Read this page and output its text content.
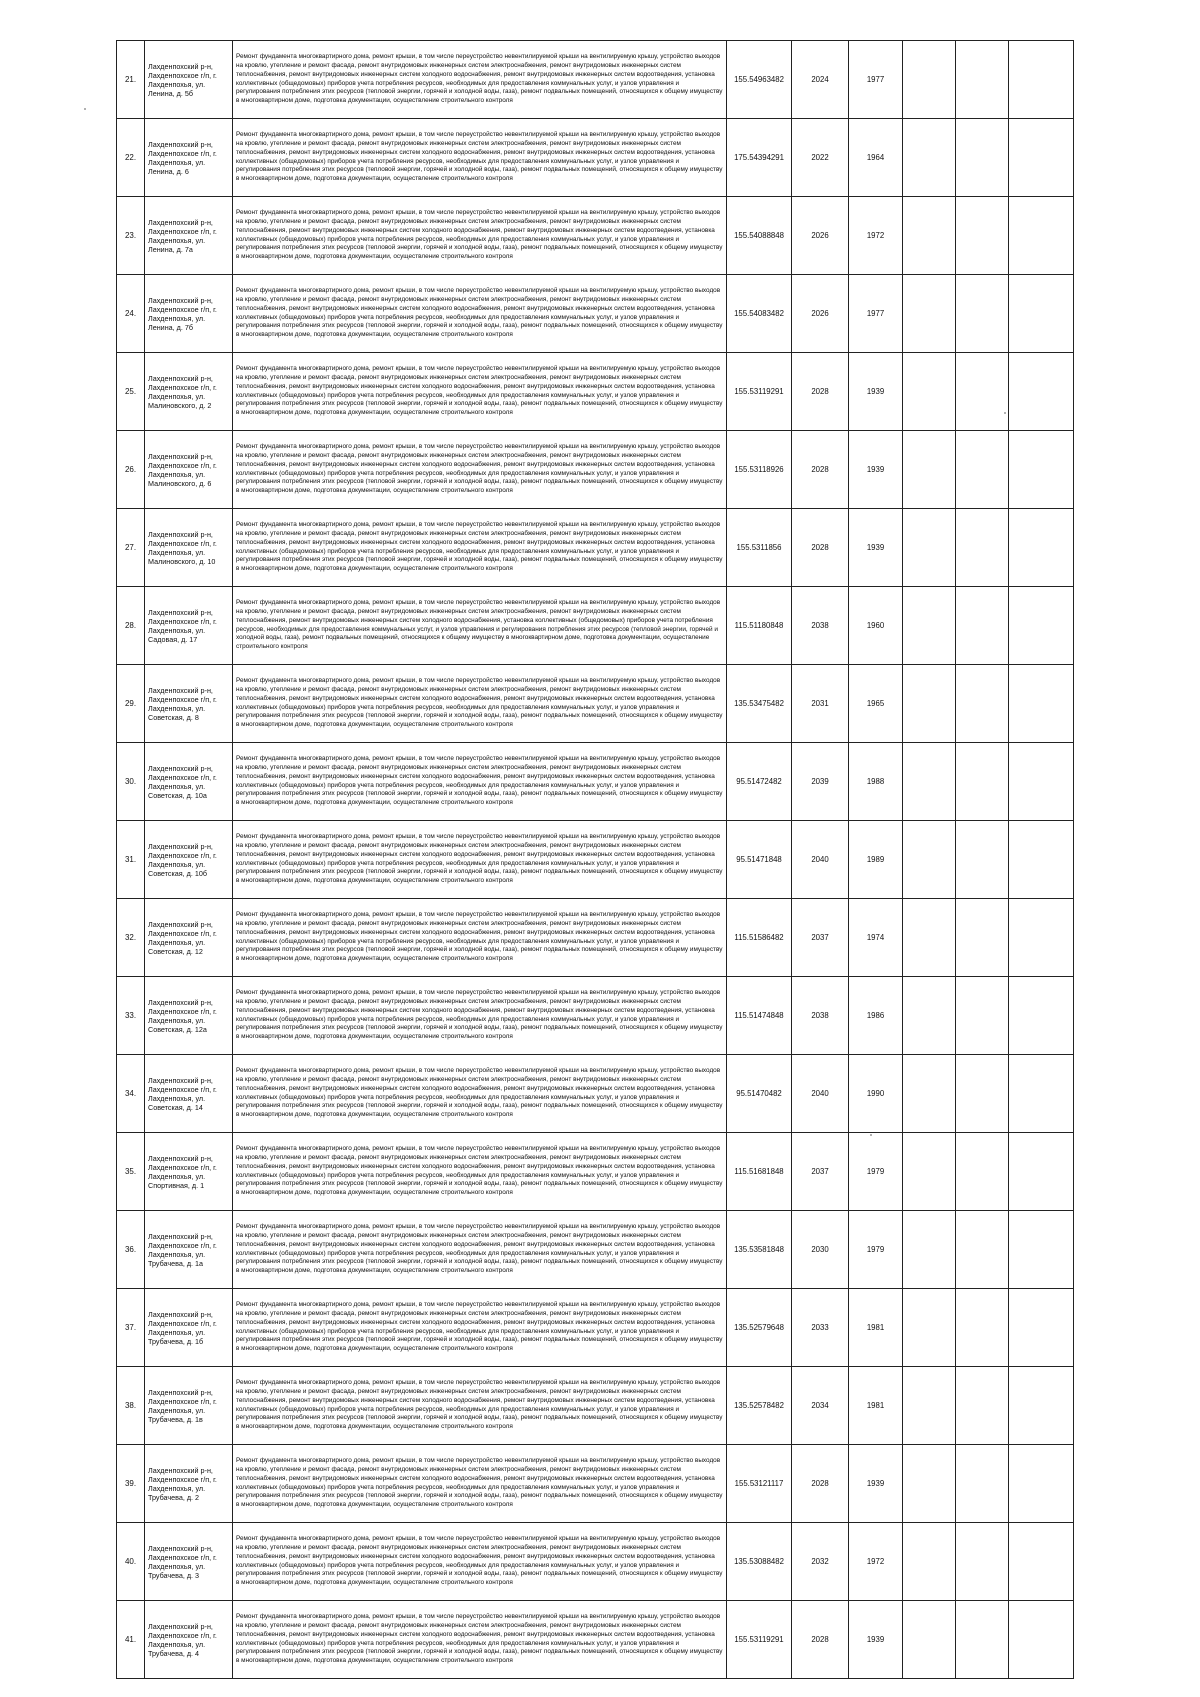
21.	Лахденпохский р-н, Лахденпохское г/п, г. Лахденпохья, ул. Ленина, д. 5б	Ремонт фундамента многоквартирного дома, ремонт крыши, в том числе переустройство невентилируемой крыши на вентилируемую крышу, устройство выходов на кровлю, утепление и ремонт фасада, ремонт внутридомовых инженерных систем электроснабжения, ремонт внутридомовых инженерных систем теплоснабжения, ремонт внутридомовых инженерных систем холодного водоснабжения, ремонт внутридомовых инженерных систем водоотведения, установка коллективных (общедомовых) приборов учета потребления ресурсов, необходимых для предоставления коммунальных услуг, и узлов управления и регулирования потребления этих ресурсов (тепловой энергии, горячей и холодной воды, газа), ремонт подвальных помещений, относящихся к общему имуществу в многоквартирном доме, подготовка документации, осуществление строительного контроля	155.54963482	2024	1977			
22.	Лахденпохский р-н, Лахденпохское г/п, г. Лахденпохья, ул. Ленина, д. 6	Ремонт фундамента многоквартирного дома, ремонт крыши, в том числе переустройство невентилируемой крыши на вентилируемую крышу, устройство выходов на кровлю, утепление и ремонт фасада, ремонт внутридомовых инженерных систем электроснабжения, ремонт внутридомовых инженерных систем теплоснабжения, ремонт внутридомовых инженерных систем холодного водоснабжения, ремонт внутридомовых инженерных систем водоотведения, установка коллективных (общедомовых) приборов учета потребления ресурсов, необходимых для предоставления коммунальных услуг, и узлов управления и регулирования потребления этих ресурсов (тепловой энергии, горячей и холодной воды, газа), ремонт подвальных помещений, относящихся к общему имуществу в многоквартирном доме, подготовка документации, осуществление строительного контроля	175.54394291	2022	1964			
23.	Лахденпохский р-н, Лахденпохское г/п, г. Лахденпохья, ул. Ленина, д. 7а	Ремонт фундамента многоквартирного дома, ремонт крыши, в том числе переустройство невентилируемой крыши на вентилируемую крышу, устройство выходов на кровлю, утепление и ремонт фасада, ремонт внутридомовых инженерных систем электроснабжения, ремонт внутридомовых инженерных систем теплоснабжения, ремонт внутридомовых инженерных систем холодного водоснабжения, ремонт внутридомовых инженерных систем водоотведения, установка коллективных (общедомовых) приборов учета потребления ресурсов, необходимых для предоставления коммунальных услуг, и узлов управления и регулирования потребления этих ресурсов (тепловой энергии, горячей и холодной воды, газа), ремонт подвальных помещений, относящихся к общему имуществу в многоквартирном доме, подготовка документации, осуществление строительного контроля	155.54088848	2026	1972			
24.	Лахденпохский р-н, Лахденпохское г/п, г. Лахденпохья, ул. Ленина, д. 7б	Ремонт фундамента многоквартирного дома, ремонт крыши, в том числе переустройство невентилируемой крыши на вентилируемую крышу, устройство выходов на кровлю, утепление и ремонт фасада, ремонт внутридомовых инженерных систем электроснабжения, ремонт внутридомовых инженерных систем теплоснабжения, ремонт внутридомовых инженерных систем холодного водоснабжения, ремонт внутридомовых инженерных систем водоотведения, установка коллективных (общедомовых) приборов учета потребления ресурсов, необходимых для предоставления коммунальных услуг, и узлов управления и регулирования потребления этих ресурсов (тепловой энергии, горячей и холодной воды, газа), ремонт подвальных помещений, относящихся к общему имуществу в многоквартирном доме, подготовка документации, осуществление строительного контроля	155.54083482	2026	1977			
25.	Лахденпохский р-н, Лахденпохское г/п, г. Лахденпохья, ул. Малиновского, д. 2	Ремонт фундамента многоквартирного дома, ремонт крыши, в том числе переустройство невентилируемой крыши на вентилируемую крышу, устройство выходов на кровлю, утепление и ремонт фасада, ремонт внутридомовых инженерных систем электроснабжения, ремонт внутридомовых инженерных систем теплоснабжения, ремонт внутридомовых инженерных систем холодного водоснабжения, ремонт внутридомовых инженерных систем водоотведения, установка коллективных (общедомовых) приборов учета потребления ресурсов, необходимых для предоставления коммунальных услуг, и узлов управления и регулирования потребления этих ресурсов (тепловой энергии, горячей и холодной воды, газа), ремонт подвальных помещений, относящихся к общему имуществу в многоквартирном доме, подготовка документации, осуществление строительного контроля	155.53119291	2028	1939			
26.	Лахденпохский р-н, Лахденпохское г/п, г. Лахденпохья, ул. Малиновского, д. 6	Ремонт фундамента многоквартирного дома, ремонт крыши, в том числе переустройство невентилируемой крыши на вентилируемую крышу, устройство выходов на кровлю, утепление и ремонт фасада, ремонт внутридомовых инженерных систем электроснабжения, ремонт внутридомовых инженерных систем теплоснабжения, ремонт внутридомовых инженерных систем холодного водоснабжения, ремонт внутридомовых инженерных систем водоотведения, установка коллективных (общедомовых) приборов учета потребления ресурсов, необходимых для предоставления коммунальных услуг, и узлов управления и регулирования потребления этих ресурсов (тепловой энергии, горячей и холодной воды, газа), ремонт подвальных помещений, относящихся к общему имуществу в многоквартирном доме, подготовка документации, осуществление строительного контроля	155.53118926	2028	1939			
27.	Лахденпохский р-н, Лахденпохское г/п, г. Лахденпохья, ул. Малиновского, д. 10	Ремонт фундамента многоквартирного дома, ремонт крыши, в том числе переустройство невентилируемой крыши на вентилируемую крышу, устройство выходов на кровлю, утепление и ремонт фасада, ремонт внутридомовых инженерных систем электроснабжения, ремонт внутридомовых инженерных систем теплоснабжения, ремонт внутридомовых инженерных систем холодного водоснабжения, ремонт внутридомовых инженерных систем водоотведения, установка коллективных (общедомовых) приборов учета потребления ресурсов, необходимых для предоставления коммунальных услуг, и узлов управления и регулирования потребления этих ресурсов (тепловой энергии, горячей и холодной воды, газа), ремонт подвальных помещений, относящихся к общему имуществу в многоквартирном доме, подготовка документации, осуществление строительного контроля	155.5311856	2028	1939			
28.	Лахденпохский р-н, Лахденпохское г/п, г. Лахденпохья, ул. Садовая, д. 17	Ремонт фундамента многоквартирного дома, ремонт крыши, в том числе переустройство невентилируемой крыши на вентилируемую крышу, устройство выходов на кровлю, утепление и ремонт фасада, ремонт внутридомовых инженерных систем электроснабжения, ремонт внутридомовых инженерных систем теплоснабжения, ремонт внутридомовых инженерных систем холодного водоснабжения, установка коллективных (общедомовых) приборов учета потребления ресурсов, необходимых для предоставления коммунальных услуг, и узлов управления и регулирования потребления этих ресурсов (тепловой энергии, горячей и холодной воды, газа), ремонт подвальных помещений, относящихся к общему имуществу в многоквартирном доме, подготовка документации, осуществление строительного контроля	115.51180848	2038	1960			
29.	Лахденпохский р-н, Лахденпохское г/п, г. Лахденпохья, ул. Советская, д. 8	Ремонт фундамента многоквартирного дома, ремонт крыши, в том числе переустройство невентилируемой крыши на вентилируемую крышу, устройство выходов на кровлю, утепление и ремонт фасада, ремонт внутридомовых инженерных систем электроснабжения, ремонт внутридомовых инженерных систем теплоснабжения, ремонт внутридомовых инженерных систем холодного водоснабжения, ремонт внутридомовых инженерных систем водоотведения, установка коллективных (общедомовых) приборов учета потребления ресурсов, необходимых для предоставления коммунальных услуг, и узлов управления и регулирования потребления этих ресурсов (тепловой энергии, горячей и холодной воды, газа), ремонт подвальных помещений, относящихся к общему имуществу в многоквартирном доме, подготовка документации, осуществление строительного контроля	135.53475482	2031	1965			
30.	Лахденпохский р-н, Лахденпохское г/п, г. Лахденпохья, ул. Советская, д. 10а	Ремонт фундамента многоквартирного дома, ремонт крыши, в том числе переустройство невентилируемой крыши на вентилируемую крышу, устройство выходов на кровлю, утепление и ремонт фасада, ремонт внутридомовых инженерных систем электроснабжения, ремонт внутридомовых инженерных систем теплоснабжения, ремонт внутридомовых инженерных систем холодного водоснабжения, ремонт внутридомовых инженерных систем водоотведения, установка коллективных (общедомовых) приборов учета потребления ресурсов, необходимых для предоставления коммунальных услуг, и узлов управления и регулирования потребления этих ресурсов (тепловой энергии, горячей и холодной воды, газа), ремонт подвальных помещений, относящихся к общему имуществу в многоквартирном доме, подготовка документации, осуществление строительного контроля	95.51472482	2039	1988			
31.	Лахденпохский р-н, Лахденпохское г/п, г. Лахденпохья, ул. Советская, д. 10б	Ремонт фундамента многоквартирного дома, ремонт крыши, в том числе переустройство невентилируемой крыши на вентилируемую крышу, устройство выходов на кровлю, утепление и ремонт фасада, ремонт внутридомовых инженерных систем электроснабжения, ремонт внутридомовых инженерных систем теплоснабжения, ремонт внутридомовых инженерных систем холодного водоснабжения, ремонт внутридомовых инженерных систем водоотведения, установка коллективных (общедомовых) приборов учета потребления ресурсов, необходимых для предоставления коммунальных услуг, и узлов управления и регулирования потребления этих ресурсов (тепловой энергии, горячей и холодной воды, газа), ремонт подвальных помещений, относящихся к общему имуществу в многоквартирном доме, подготовка документации, осуществление строительного контроля	95.51471848	2040	1989			
32.	Лахденпохский р-н, Лахденпохское г/п, г. Лахденпохья, ул. Советская, д. 12	Ремонт фундамента многоквартирного дома, ремонт крыши, в том числе переустройство невентилируемой крыши на вентилируемую крышу, устройство выходов на кровлю, утепление и ремонт фасада, ремонт внутридомовых инженерных систем электроснабжения, ремонт внутридомовых инженерных систем теплоснабжения, ремонт внутридомовых инженерных систем холодного водоснабжения, ремонт внутридомовых инженерных систем водоотведения, установка коллективных (общедомовых) приборов учета потребления ресурсов, необходимых для предоставления коммунальных услуг, и узлов управления и регулирования потребления этих ресурсов (тепловой энергии, горячей и холодной воды, газа), ремонт подвальных помещений, относящихся к общему имуществу в многоквартирном доме, подготовка документации, осуществление строительного контроля	115.51586482	2037	1974			
33.	Лахденпохский р-н, Лахденпохское г/п, г. Лахденпохья, ул. Советская, д. 12а	Ремонт фундамента многоквартирного дома, ремонт крыши, в том числе переустройство невентилируемой крыши на вентилируемую крышу, устройство выходов на кровлю, утепление и ремонт фасада, ремонт внутридомовых инженерных систем электроснабжения, ремонт внутридомовых инженерных систем теплоснабжения, ремонт внутридомовых инженерных систем холодного водоснабжения, ремонт внутридомовых инженерных систем водоотведения, установка коллективных (общедомовых) приборов учета потребления ресурсов, необходимых для предоставления коммунальных услуг, и узлов управления и регулирования потребления этих ресурсов (тепловой энергии, горячей и холодной воды, газа), ремонт подвальных помещений, относящихся к общему имуществу в многоквартирном доме, подготовка документации, осуществление строительного контроля	115.51474848	2038	1986			
34.	Лахденпохский р-н, Лахденпохское г/п, г. Лахденпохья, ул. Советская, д. 14	Ремонт фундамента многоквартирного дома, ремонт крыши, в том числе переустройство невентилируемой крыши на вентилируемую крышу, устройство выходов на кровлю, утепление и ремонт фасада, ремонт внутридомовых инженерных систем электроснабжения, ремонт внутридомовых инженерных систем теплоснабжения, ремонт внутридомовых инженерных систем холодного водоснабжения, ремонт внутридомовых инженерных систем водоотведения, установка коллективных (общедомовых) приборов учета потребления ресурсов, необходимых для предоставления коммунальных услуг, и узлов управления и регулирования потребления этих ресурсов (тепловой энергии, горячей и холодной воды, газа), ремонт подвальных помещений, относящихся к общему имуществу в многоквартирном доме, подготовка документации, осуществление строительного контроля	95.51470482	2040	1990			
35.	Лахденпохский р-н, Лахденпохское г/п, г. Лахденпохья, ул. Спортивная, д. 1	Ремонт фундамента многоквартирного дома, ремонт крыши, в том числе переустройство невентилируемой крыши на вентилируемую крышу, устройство выходов на кровлю, утепление и ремонт фасада, ремонт внутридомовых инженерных систем электроснабжения, ремонт внутридомовых инженерных систем теплоснабжения, ремонт внутридомовых инженерных систем холодного водоснабжения, ремонт внутридомовых инженерных систем водоотведения, установка коллективных (общедомовых) приборов учета потребления ресурсов, необходимых для предоставления коммунальных услуг, и узлов управления и регулирования потребления этих ресурсов (тепловой энергии, горячей и холодной воды, газа), ремонт подвальных помещений, относящихся к общему имуществу в многоквартирном доме, подготовка документации, осуществление строительного контроля	115.51681848	2037	1979			
36.	Лахденпохский р-н, Лахденпохское г/п, г. Лахденпохья, ул. Трубачева, д. 1а	Ремонт фундамента многоквартирного дома, ремонт крыши, в том числе переустройство невентилируемой крыши на вентилируемую крышу, устройство выходов на кровлю, утепление и ремонт фасада, ремонт внутридомовых инженерных систем электроснабжения, ремонт внутридомовых инженерных систем теплоснабжения, ремонт внутридомовых инженерных систем холодного водоснабжения, ремонт внутридомовых инженерных систем водоотведения, установка коллективных (общедомовых) приборов учета потребления ресурсов, необходимых для предоставления коммунальных услуг, и узлов управления и регулирования потребления этих ресурсов (тепловой энергии, горячей и холодной воды, газа), ремонт подвальных помещений, относящихся к общему имуществу в многоквартирном доме, подготовка документации, осуществление строительного контроля	135.53581848	2030	1979			
37.	Лахденпохский р-н, Лахденпохское г/п, г. Лахденпохья, ул. Трубачева, д. 1б	Ремонт фундамента многоквартирного дома, ремонт крыши, в том числе переустройство невентилируемой крыши на вентилируемую крышу, устройство выходов на кровлю, утепление и ремонт фасада, ремонт внутридомовых инженерных систем электроснабжения, ремонт внутридомовых инженерных систем теплоснабжения, ремонт внутридомовых инженерных систем холодного водоснабжения, ремонт внутридомовых инженерных систем водоотведения, установка коллективных (общедомовых) приборов учета потребления ресурсов, необходимых для предоставления коммунальных услуг, и узлов управления и регулирования потребления этих ресурсов (тепловой энергии, горячей и холодной воды, газа), ремонт подвальных помещений, относящихся к общему имуществу в многоквартирном доме, подготовка документации, осуществление строительного контроля	135.52579648	2033	1981			
38.	Лахденпохский р-н, Лахденпохское г/п, г. Лахденпохья, ул. Трубачева, д. 1в	Ремонт фундамента многоквартирного дома, ремонт крыши, в том числе переустройство невентилируемой крыши на вентилируемую крышу, устройство выходов на кровлю, утепление и ремонт фасада, ремонт внутридомовых инженерных систем электроснабжения, ремонт внутридомовых инженерных систем теплоснабжения, ремонт внутридомовых инженерных систем холодного водоснабжения, ремонт внутридомовых инженерных систем водоотведения, установка коллективных (общедомовых) приборов учета потребления ресурсов, необходимых для предоставления коммунальных услуг, и узлов управления и регулирования потребления этих ресурсов (тепловой энергии, горячей и холодной воды, газа), ремонт подвальных помещений, относящихся к общему имуществу в многоквартирном доме, подготовка документации, осуществление строительного контроля	135.52578482	2034	1981			
39.	Лахденпохский р-н, Лахденпохское г/п, г. Лахденпохья, ул. Трубачева, д. 2	Ремонт фундамента многоквартирного дома, ремонт крыши, в том числе переустройство невентилируемой крыши на вентилируемую крышу, устройство выходов на кровлю, утепление и ремонт фасада, ремонт внутридомовых инженерных систем электроснабжения, ремонт внутридомовых инженерных систем теплоснабжения, ремонт внутридомовых инженерных систем холодного водоснабжения, ремонт внутридомовых инженерных систем водоотведения, установка коллективных (общедомовых) приборов учета потребления ресурсов, необходимых для предоставления коммунальных услуг, и узлов управления и регулирования потребления этих ресурсов (тепловой энергии, горячей и холодной воды, газа), ремонт подвальных помещений, относящихся к общему имуществу в многоквартирном доме, подготовка документации, осуществление строительного контроля	155.53121117	2028	1939			
40.	Лахденпохский р-н, Лахденпохское г/п, г. Лахденпохья, ул. Трубачева, д. 3	Ремонт фундамента многоквартирного дома, ремонт крыши, в том числе переустройство невентилируемой крыши на вентилируемую крышу, устройство выходов на кровлю, утепление и ремонт фасада, ремонт внутридомовых инженерных систем электроснабжения, ремонт внутридомовых инженерных систем теплоснабжения, ремонт внутридомовых инженерных систем холодного водоснабжения, ремонт внутридомовых инженерных систем водоотведения, установка коллективных (общедомовых) приборов учета потребления ресурсов, необходимых для предоставления коммунальных услуг, и узлов управления и регулирования потребления этих ресурсов (тепловой энергии, горячей и холодной воды, газа), ремонт подвальных помещений, относящихся к общему имуществу в многоквартирном доме, подготовка документации, осуществление строительного контроля	135.53088482	2032	1972			
41.	Лахденпохский р-н, Лахденпохское г/п, г. Лахденпохья, ул. Трубачева, д. 4	Ремонт фундамента многоквартирного дома, ремонт крыши, в том числе переустройство невентилируемой крыши на вентилируемую крышу, устройство выходов на кровлю, утепление и ремонт фасада, ремонт внутридомовых инженерных систем электроснабжения, ремонт внутридомовых инженерных систем теплоснабжения, ремонт внутридомовых инженерных систем холодного водоснабжения, ремонт внутридомовых инженерных систем водоотведения, установка коллективных (общедомовых) приборов учета потребления ресурсов, необходимых для предоставления коммунальных услуг, и узлов управления и регулирования потребления этих ресурсов (тепловой энергии, горячей и холодной воды, газа), ремонт подвальных помещений, относящихся к общему имуществу в многоквартирном доме, подготовка документации, осуществление строительного контроля	155.53119291	2028	1939			
